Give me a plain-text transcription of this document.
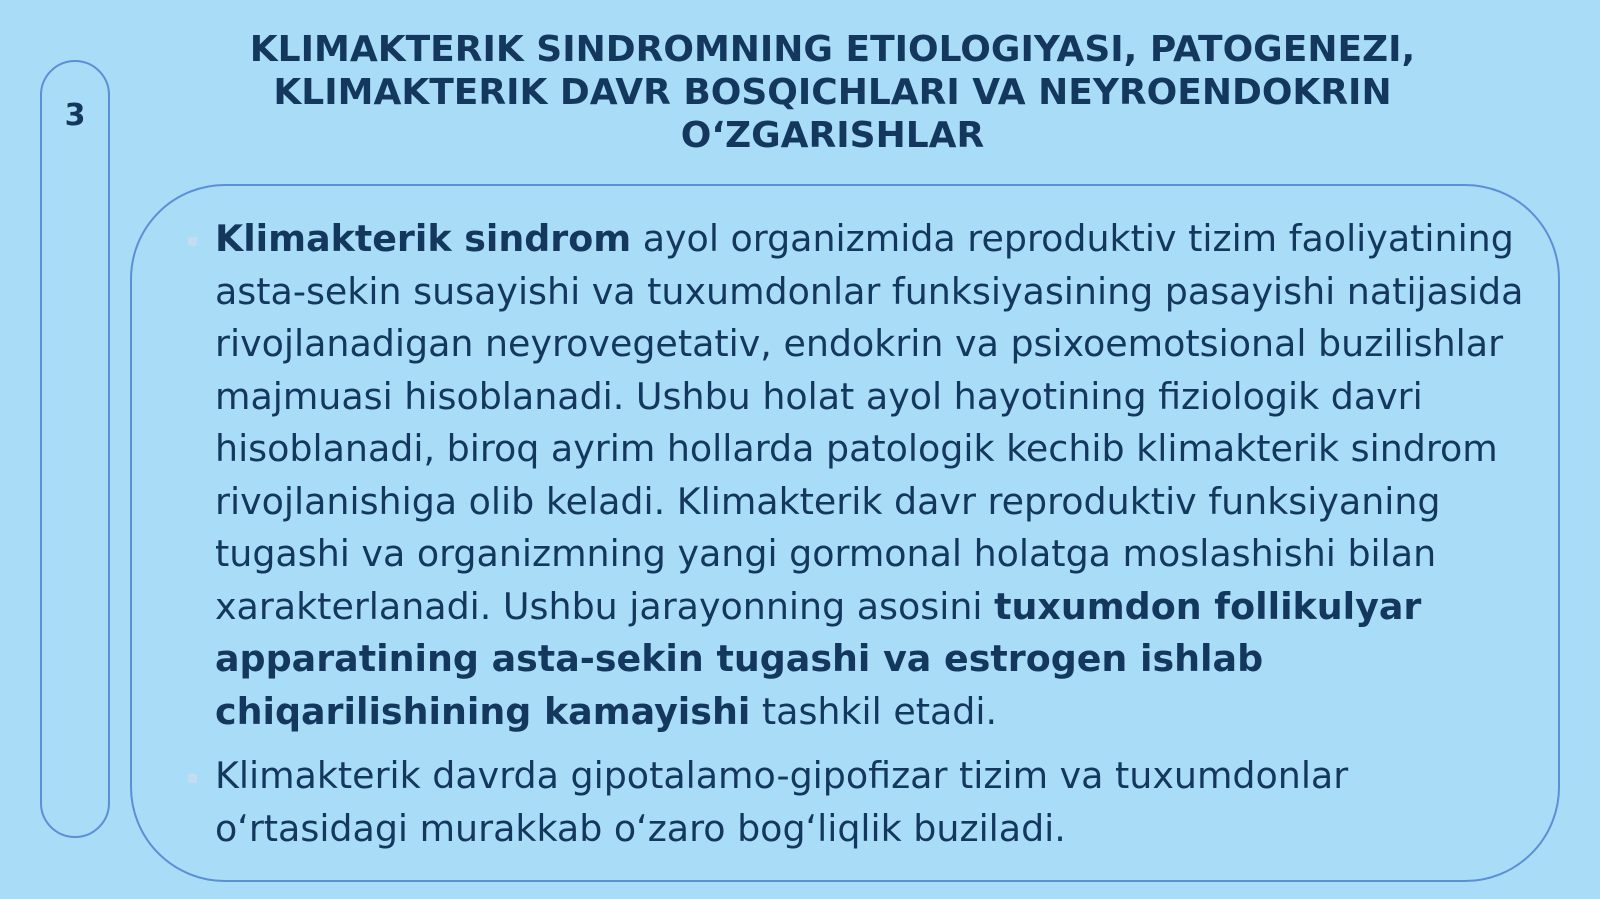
3
KLIMAKTERIK SINDROMNING ETIOLOGIYASI, PATOGENEZI, KLIMAKTERIK DAVR BOSQICHLARI VA NEYROENDOKRIN O‘ZGARISHLAR
Klimakterik sindrom ayol organizmida reproduktiv tizim faoliyatining asta-sekin susayishi va tuxumdonlar funksiyasining pasayishi natijasida rivojlanadigan neyrovegetativ, endokrin va psixoemotsional buzilishlar majmuasi hisoblanadi. Ushbu holat ayol hayotining fiziologik davri hisoblanadi, biroq ayrim hollarda patologik kechib klimakterik sindrom rivojlanishiga olib keladi. Klimakterik davr reproduktiv funksiyaning tugashi va organizmning yangi gormonal holatga moslashishi bilan xarakterlanadi. Ushbu jarayonning asosini tuxumdon follikulyar apparatining asta-sekin tugashi va estrogen ishlab chiqarilishining kamayishi tashkil etadi.
Klimakterik davrda gipotalamo-gipofizar tizim va tuxumdonlar o‘rtasidagi murakkab o‘zaro bog‘liqlik buziladi.
